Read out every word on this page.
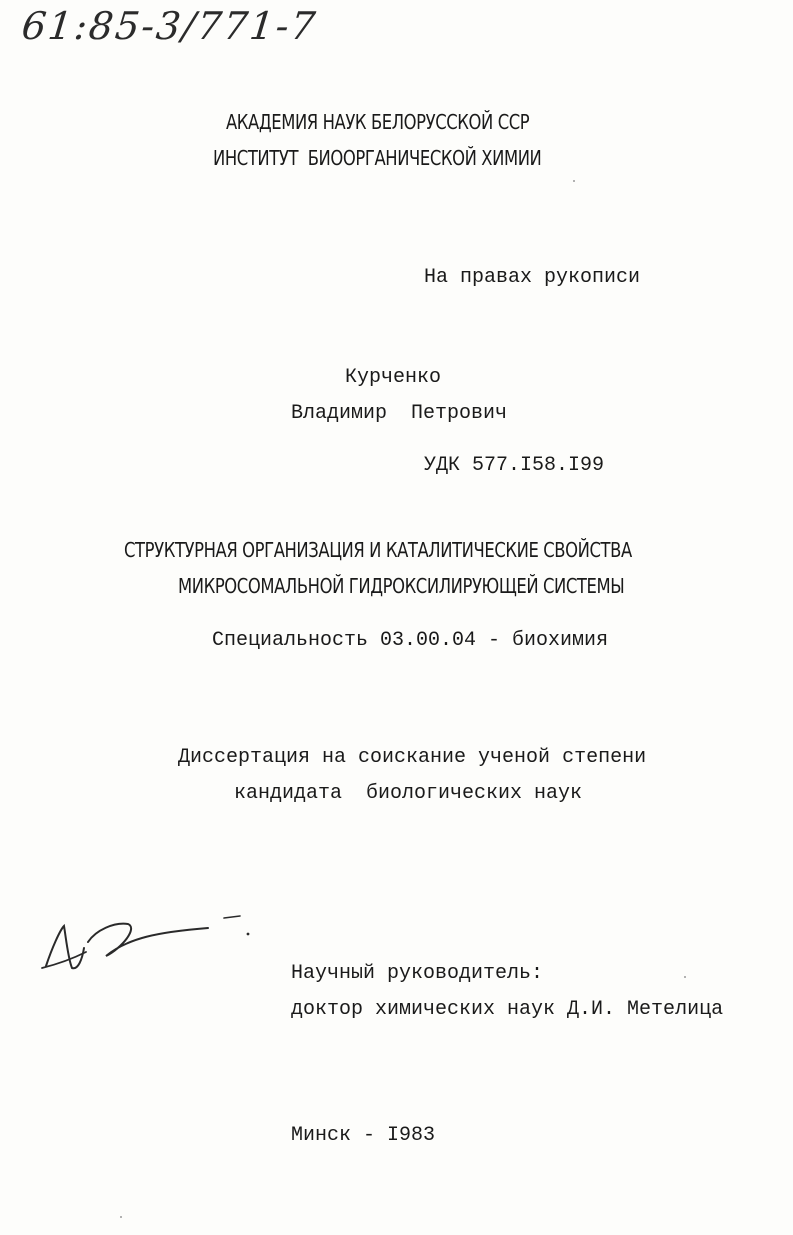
61:85-3/771-7
АКАДЕМИЯ НАУК БЕЛОРУССКОЙ ССР
ИНСТИТУТ  БИООРГАНИЧЕСКОЙ ХИМИИ
На правах рукописи
Курченко
Владимир  Петрович
УДК 577.I58.I99
СТРУКТУРНАЯ ОРГАНИЗАЦИЯ И КАТАЛИТИЧЕСКИЕ СВОЙСТВА
МИКРОСОМАЛЬНОЙ ГИДРОКСИЛИРУЮЩЕЙ СИСТЕМЫ
Специальность 03.00.04 - биохимия
Диссертация на соискание ученой степени
кандидата  биологических наук
Научный руководитель:
доктор химических наук Д.И. Метелица
Минск - I983
